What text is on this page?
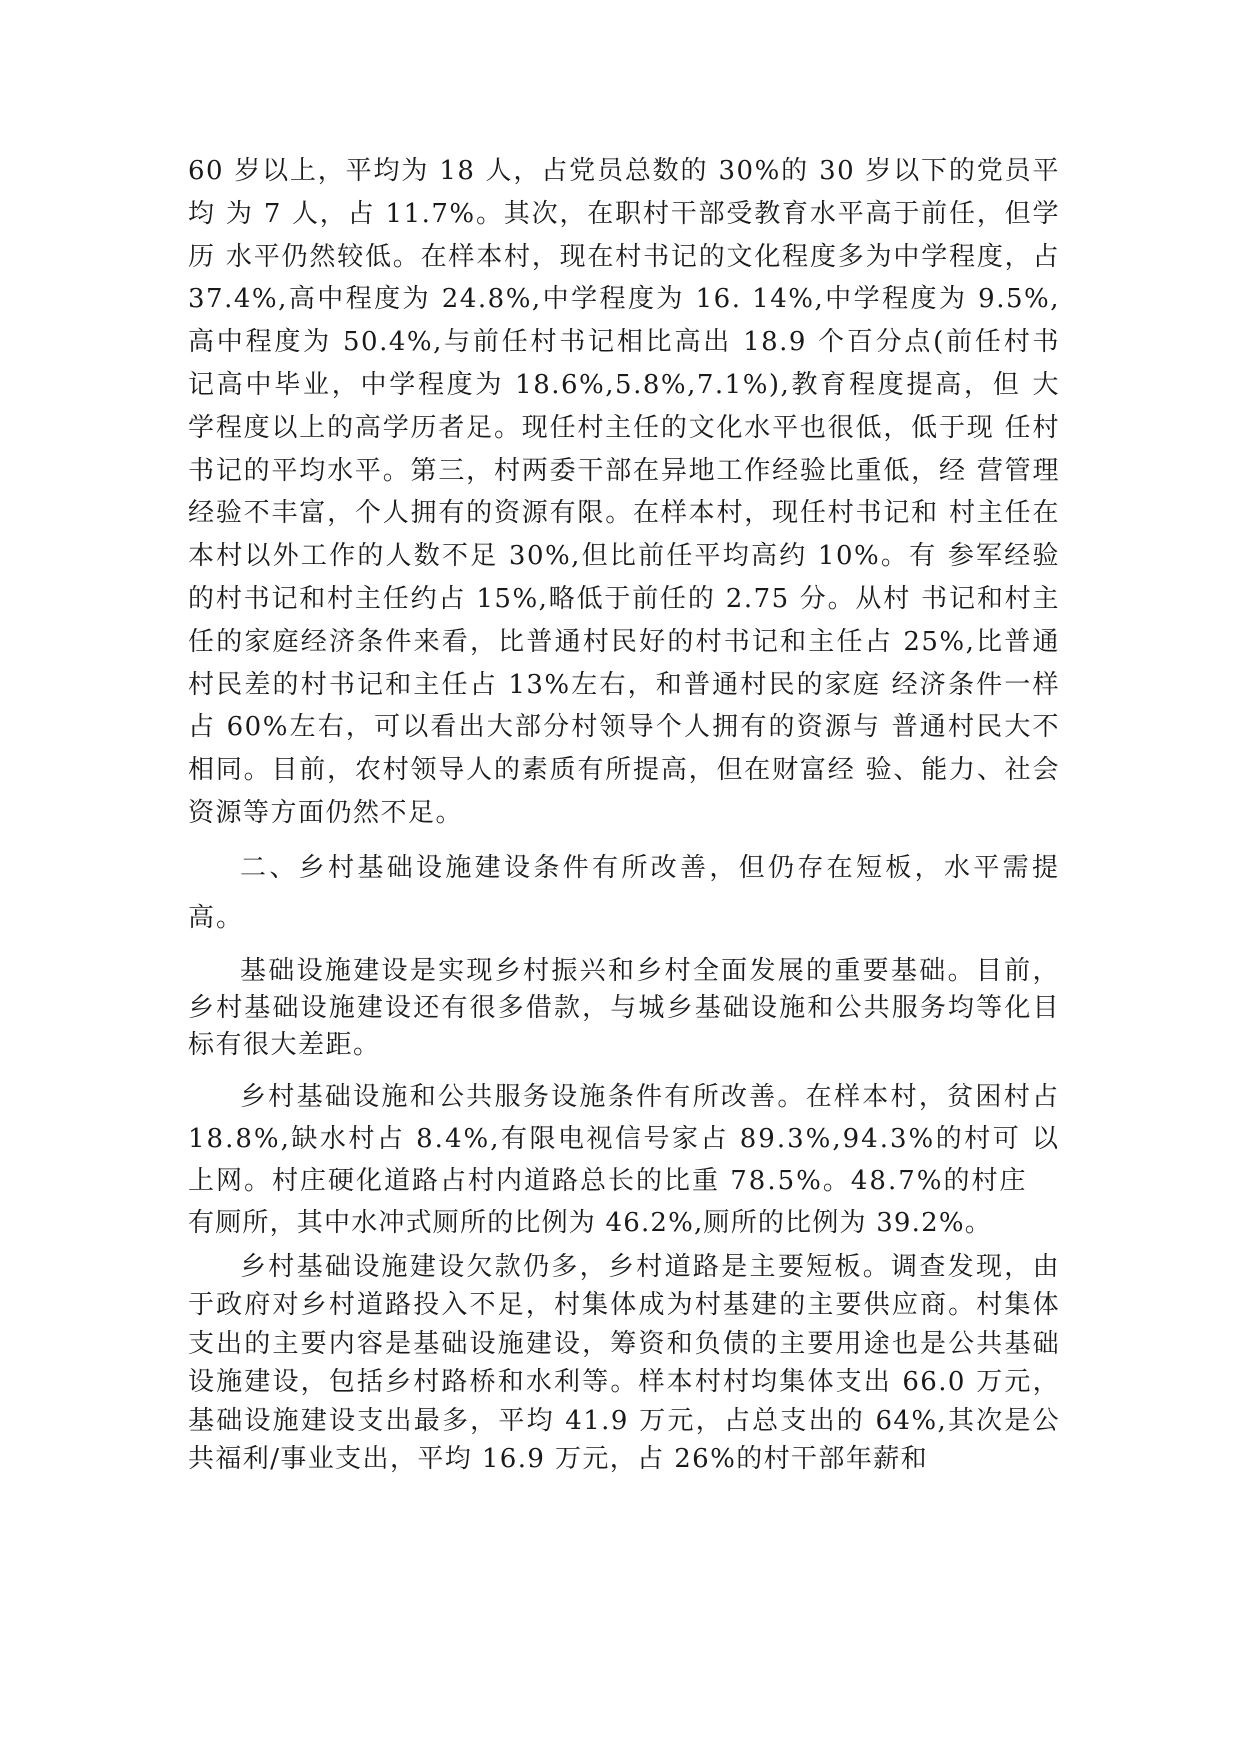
60 岁以上，平均为 18 人，占党员总数的 30%的 30 岁以下的党员平均 为 7 人，占 11.7%。其次，在职村干部受教育水平高于前任，但学历 水平仍然较低。在样本村，现在村书记的文化程度多为中学程度，占 37.4%,高中程度为 24.8%,中学程度为 16. 14%,中学程度为 9.5%, 高中程度为 50.4%,与前任村书记相比高出 18.9 个百分点(前任村书 记高中毕业，中学程度为 18.6%,5.8%,7.1%),教育程度提高，但 大学程度以上的高学历者足。现任村主任的文化水平也很低，低于现 任村书记的平均水平。第三，村两委干部在异地工作经验比重低，经 营管理经验不丰富，个人拥有的资源有限。在样本村，现任村书记和 村主任在本村以外工作的人数不足 30%,但比前任平均高约 10%。有 参军经验的村书记和村主任约占 15%,略低于前任的 2.75 分。从村 书记和村主任的家庭经济条件来看，比普通村民好的村书记和主任占 25%,比普通村民差的村书记和主任占 13%左右，和普通村民的家庭 经济条件一样占 60%左右，可以看出大部分村领导个人拥有的资源与 普通村民大不相同。目前，农村领导人的素质有所提高，但在财富经 验、能力、社会资源等方面仍然不足。

二、乡村基础设施建设条件有所改善，但仍存在短板，水平需提高。

基础设施建设是实现乡村振兴和乡村全面发展的重要基础。目前，乡村基础设施建设还有很多借款，与城乡基础设施和公共服务均等化目标有很大差距。

乡村基础设施和公共服务设施条件有所改善。在样本村，贫困村占 18.8%,缺水村占 8.4%,有限电视信号家占 89.3%,94.3%的村可 以上网。村庄硬化道路占村内道路总长的比重 78.5%。48.7%的村庄

有厕所，其中水冲式厕所的比例为 46.2%,厕所的比例为 39.2%。

乡村基础设施建设欠款仍多，乡村道路是主要短板。调查发现，由于政府对乡村道路投入不足，村集体成为村基建的主要供应商。村集体支出的主要内容是基础设施建设，筹资和负债的主要用途也是公共基础设施建设，包括乡村路桥和水利等。样本村村均集体支出 66.0 万元，基础设施建设支出最多，平均 41.9 万元，占总支出的 64%,其次是公共福利/事业支出，平均 16.9 万元，占 26%的村干部年薪和
